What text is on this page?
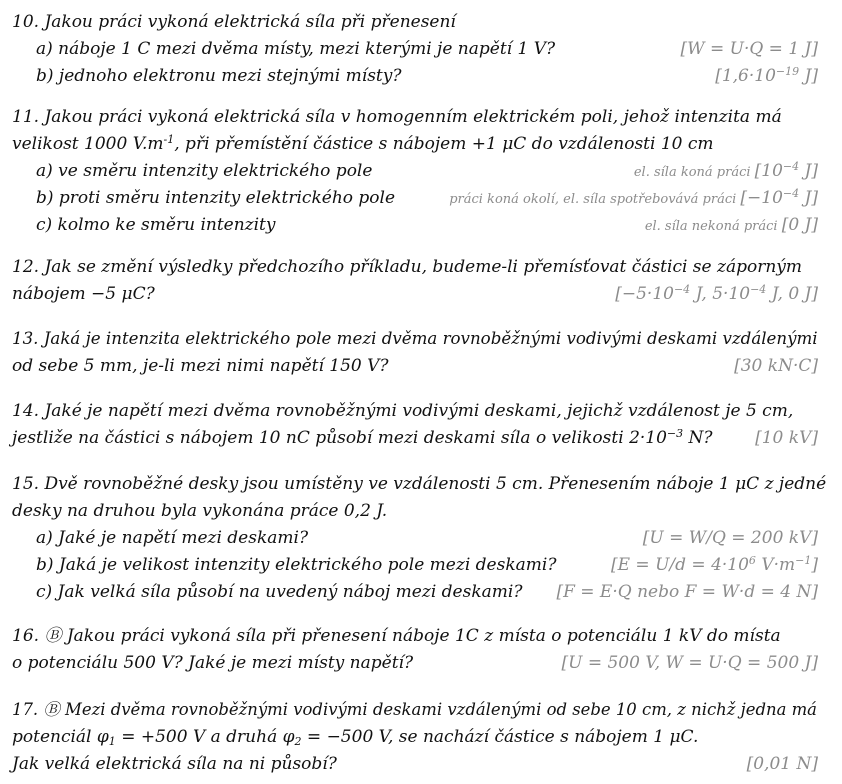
10. Jakou práci vykoná elektrická síla při přenesení
a) náboje 1 C mezi dvěma místy, mezi kterými je napětí 1 V?	[W = U·Q = 1 J]
b) jednoho elektronu mezi stejnými místy?	[$1,6\cdot 10^{-19}$ J]
11. Jakou práci vykoná elektrická síla v homogenním elektrickém poli, jehož intenzita má
velikost 1000 $V.m^{-1}$, při přemístění částice s nábojem +1 μC do vzdálenosti 10 cm
a) ve směru intenzity elektrického pole	el. síla koná práci [$10^{-4}$ J]
b) proti směru intenzity elektrického pole	práci koná okolí, el. síla spotřebovává práci [$-10^{-4}$ J]
c) kolmo ke směru intenzity	el. síla nekoná práci [0 J]
12. Jak se změní výsledky předchozího příkladu, budeme-li přemísťovat částici se záporným
nábojem −5 μC?	[$-5\cdot 10^{-4}$ J, $5\cdot 10^{-4}$ J, 0 J]
13. Jaká je intenzita elektrického pole mezi dvěma rovnoběžnými vodivými deskami vzdálenými
od sebe 5 mm, je-li mezi nimi napětí 150 V?	[30 kN·C]
14. Jaké je napětí mezi dvěma rovnoběžnými vodivými deskami, jejichž vzdálenost je 5 cm,
jestliže na částici s nábojem 10 nC působí mezi deskami síla o velikosti $2\cdot 10^{-3}$ N?	[10 kV]
15. Dvě rovnoběžné desky jsou umístěny ve vzdálenosti 5 cm. Přenesením náboje 1 μC z jedné
desky na druhou byla vykonána práce 0,2 J.
a) Jaké je napětí mezi deskami?	[U = W/Q = 200 kV]
b) Jaká je velikost intenzity elektrického pole mezi deskami?	[$E = U/d = 4\cdot 10^6$ $V\cdot m^{-1}$]
c) Jak velká síla působí na uvedený náboj mezi deskami? [F = E·Q nebo F = W·d = 4 N]
16. Ⓑ Jakou práci vykoná síla při přenesení náboje 1C z místa o potenciálu 1 kV do místa
o potenciálu 500 V? Jaké je mezi místy napětí?	[U = 500 V, W = U·Q = 500 J]
17. Ⓑ Mezi dvěma rovnoběžnými vodivými deskami vzdálenými od sebe 10 cm, z nichž jedna má
potenciál $\varphi_1 = +500$ V a druhá $\varphi_2 = -500$ V, se nachází částice s nábojem 1 μC.
Jak velká elektrická síla na ni působí?	[0,01 N]
